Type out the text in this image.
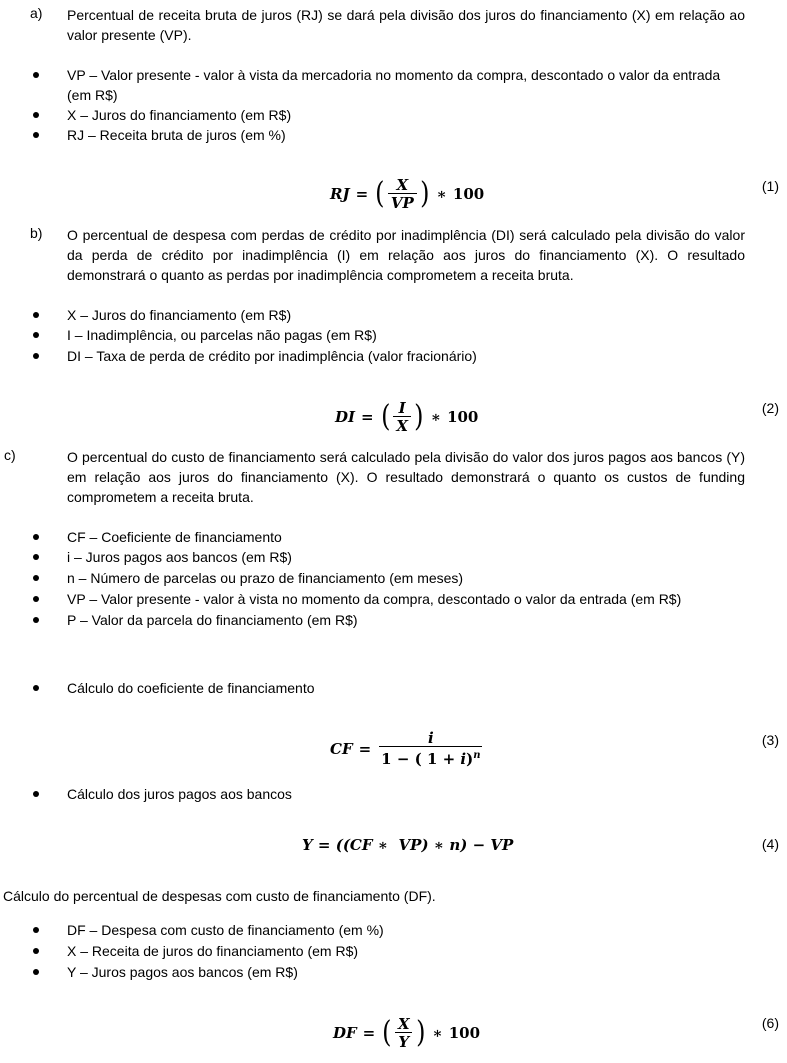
a) Percentual de receita bruta de juros (RJ) se dará pela divisão dos juros do financiamento (X) em relação ao valor presente (VP).
VP – Valor presente - valor à vista da mercadoria no momento da compra, descontado o valor da entrada (em R$)
X – Juros do financiamento (em R$)
RJ – Receita bruta de juros (em %)
RJ = ( $\frac{X}{VP}$ ) ∗ 100	(1)
b) O percentual de despesa com perdas de crédito por inadimplência (DI) será calculado pela divisão do valor da perda de crédito por inadimplência (I) em relação aos juros do financiamento (X). O resultado demonstrará o quanto as perdas por inadimplência comprometem a receita bruta.
X – Juros do financiamento (em R$)
I – Inadimplência, ou parcelas não pagas (em R$)
DI – Taxa de perda de crédito por inadimplência (valor fracionário)
DI = ( $\frac{I}{X}$ ) ∗ 100	(2)
c)	O percentual do custo de financiamento será calculado pela divisão do valor dos juros pagos aos bancos (Y) em relação aos juros do financiamento (X). O resultado demonstrará o quanto os custos de funding comprometem a receita bruta.
CF – Coeficiente de financiamento
i – Juros pagos aos bancos (em R$)
n – Número de parcelas ou prazo de financiamento (em meses)
VP – Valor presente - valor à vista no momento da compra, descontado o valor da entrada (em R$)
P – Valor da parcela do financiamento (em R$)
Cálculo do coeficiente de financiamento
CF = $\frac{i}{1 - ( 1 + i)^n}$	(3)
Cálculo dos juros pagos aos bancos
Y = ((CF ∗  VP) ∗ n) − VP	(4)
Cálculo do percentual de despesas com custo de financiamento (DF).
DF – Despesa com custo de financiamento (em %)
X – Receita de juros do financiamento (em R$)
Y – Juros pagos aos bancos (em R$)
DF = ( $\frac{X}{Y}$ ) ∗ 100
(6)
